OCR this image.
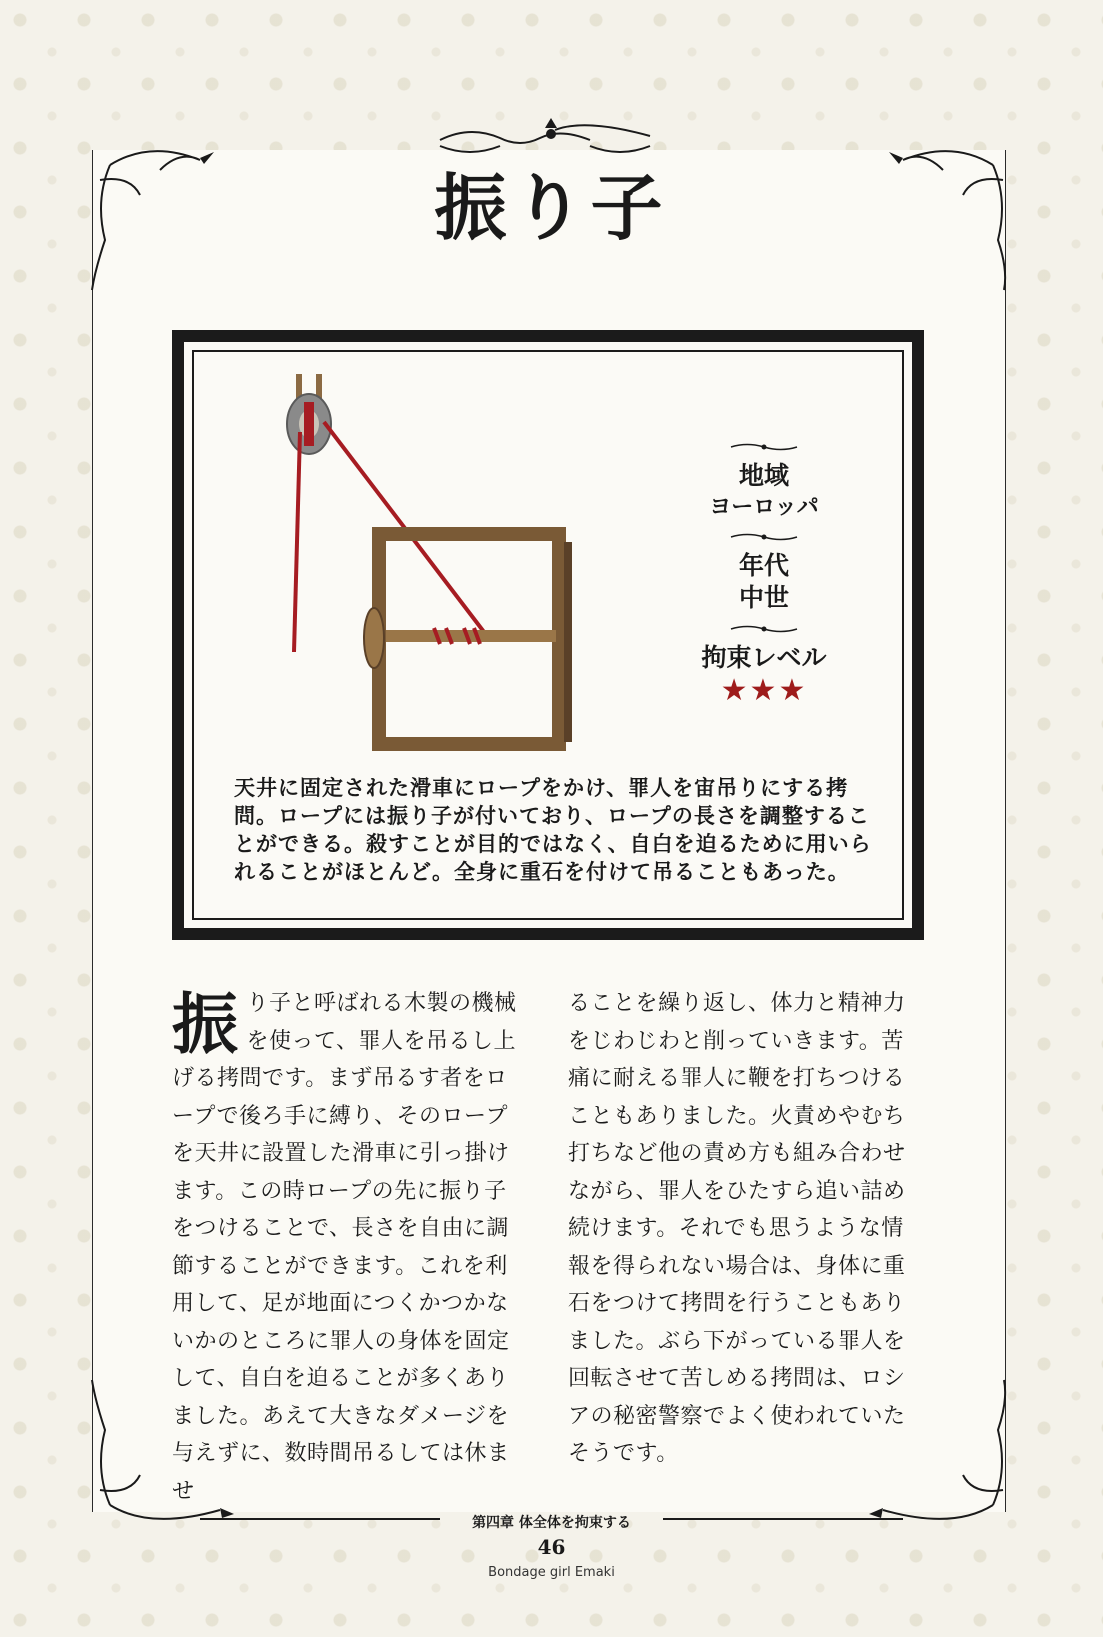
振り子
地域
ヨーロッパ
年代
中世
拘束レベル
★★★

天井に固定された滑車にロープをかけ、罪人を宙吊りにする拷問。ロープには振り子が付いており、ロープの長さを調整することができる。殺すことが目的ではなく、自白を迫るために用いられることがほとんど。全身に重石を付けて吊ることもあった。

振 り子と呼ばれる木製の機械を使って、罪人を吊るし上げる拷問です。まず吊るす者をロープで後ろ手に縛り、そのロープを天井に設置した滑車に引っ掛けます。この時ロープの先に振り子をつけることで、長さを自由に調節することができます。これを利用して、足が地面につくかつかないかのところに罪人の身体を固定して、自白を迫ることが多くありました。あえて大きなダメージを与えずに、数時間吊るしては休ませ

ることを繰り返し、体力と精神力をじわじわと削っていきます。苦痛に耐える罪人に鞭を打ちつけることもありました。火責めやむち打ちなど他の責め方も組み合わせながら、罪人をひたすら追い詰め続けます。それでも思うような情報を得られない場合は、身体に重石をつけて拷問を行うこともありました。ぶら下がっている罪人を回転させて苦しめる拷問は、ロシアの秘密警察でよく使われていたそうです。

第四章 体全体を拘束する
46
Bondage girl Emaki
